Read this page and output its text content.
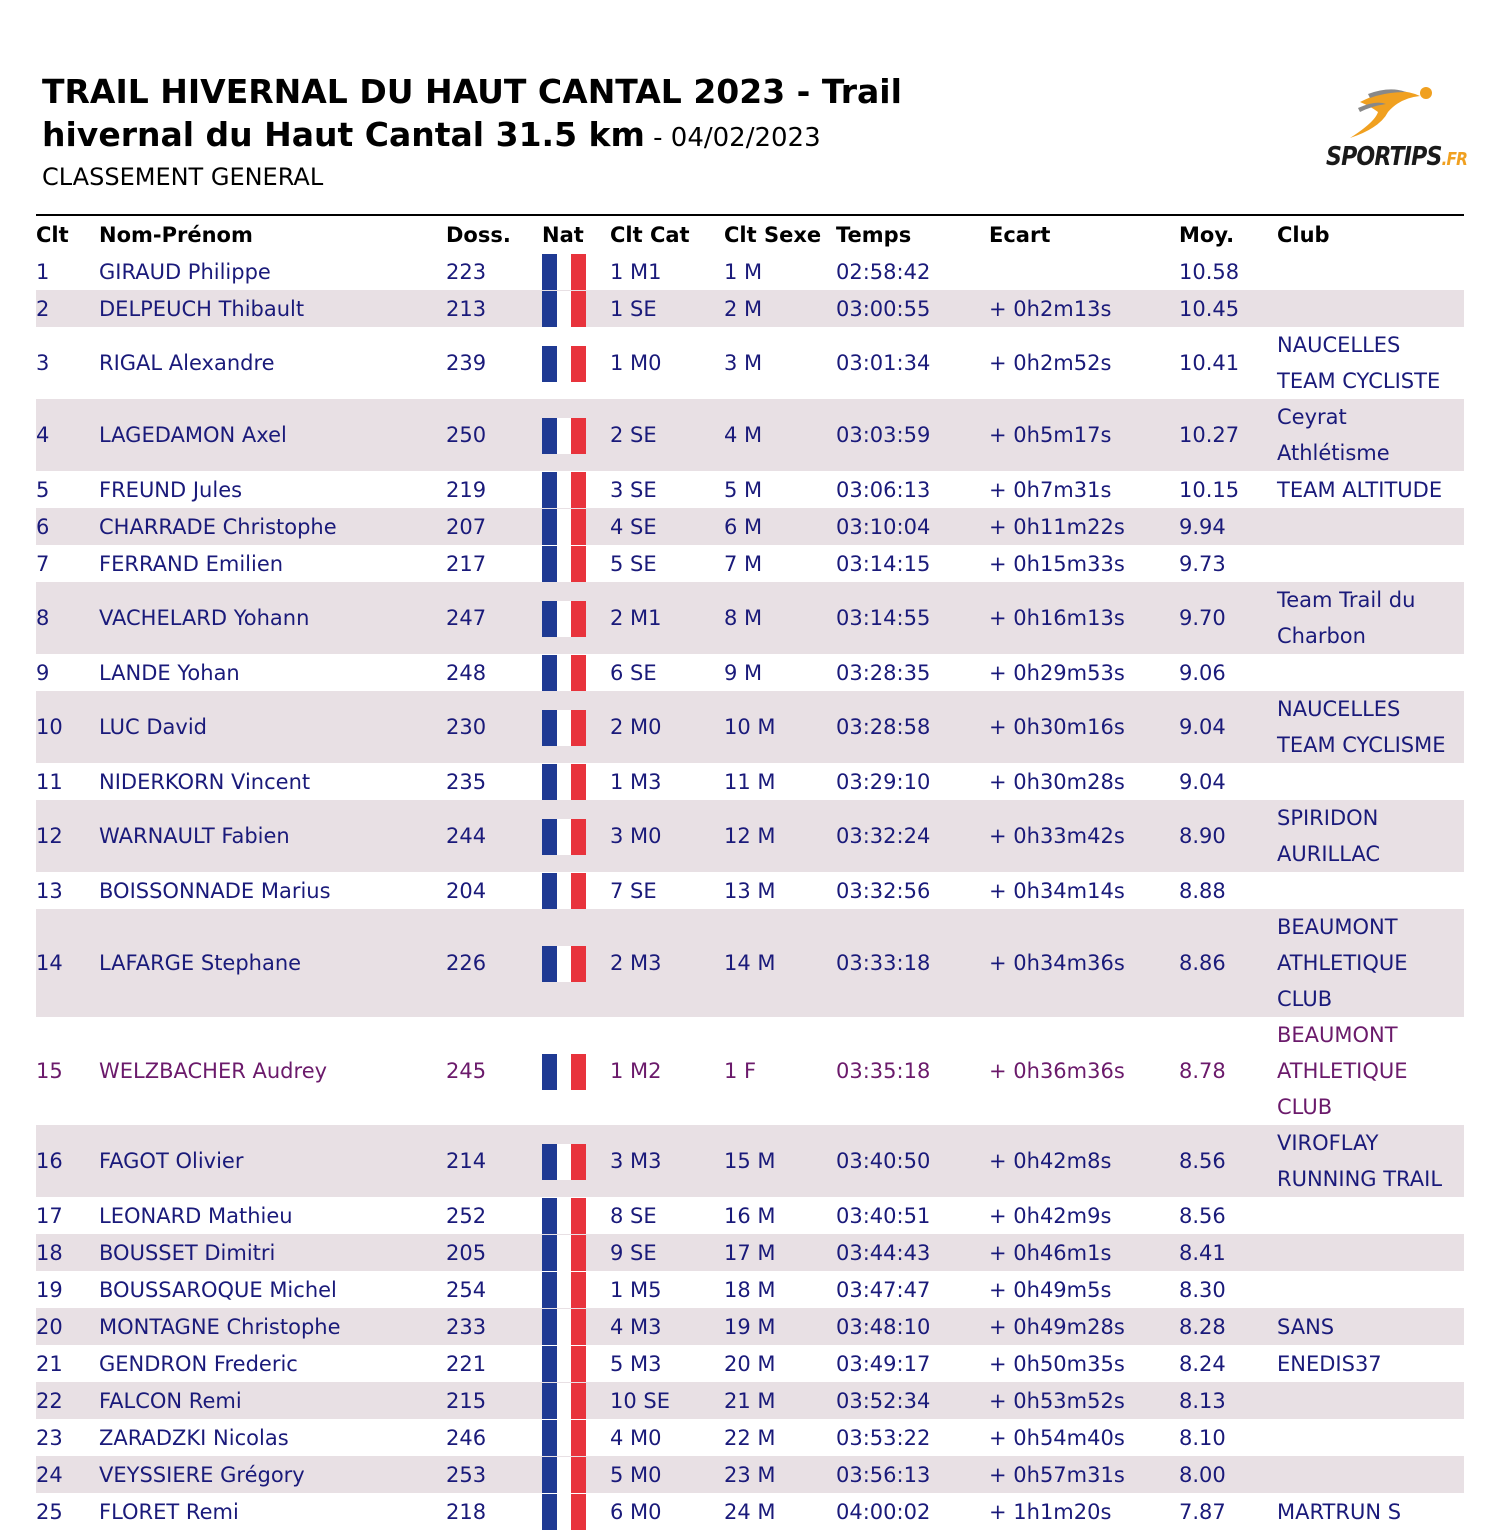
TRAIL HIVERNAL DU HAUT CANTAL 2023 - Trail hivernal du Haut Cantal 31.5 km - 04/02/2023
CLASSEMENT GENERAL
SPORTIPS.FR
Clt	Nom-Prénom	Doss.	Nat	Clt Cat	Clt Sexe	Temps	Ecart	Moy.	Club
1	GIRAUD Philippe	223		1 M1	1 M	02:58:42		10.58	
2	DELPEUCH Thibault	213		1 SE	2 M	03:00:55	+ 0h2m13s	10.45	
3	RIGAL Alexandre	239		1 M0	3 M	03:01:34	+ 0h2m52s	10.41	NAUCELLES TEAM CYCLISTE
4	LAGEDAMON Axel	250		2 SE	4 M	03:03:59	+ 0h5m17s	10.27	Ceyrat Athlétisme
5	FREUND Jules	219		3 SE	5 M	03:06:13	+ 0h7m31s	10.15	TEAM ALTITUDE
6	CHARRADE Christophe	207		4 SE	6 M	03:10:04	+ 0h11m22s	9.94	
7	FERRAND Emilien	217		5 SE	7 M	03:14:15	+ 0h15m33s	9.73	
8	VACHELARD Yohann	247		2 M1	8 M	03:14:55	+ 0h16m13s	9.70	Team Trail du Charbon
9	LANDE Yohan	248		6 SE	9 M	03:28:35	+ 0h29m53s	9.06	
10	LUC David	230		2 M0	10 M	03:28:58	+ 0h30m16s	9.04	NAUCELLES TEAM CYCLISME
11	NIDERKORN Vincent	235		1 M3	11 M	03:29:10	+ 0h30m28s	9.04	
12	WARNAULT Fabien	244		3 M0	12 M	03:32:24	+ 0h33m42s	8.90	SPIRIDON AURILLAC
13	BOISSONNADE Marius	204		7 SE	13 M	03:32:56	+ 0h34m14s	8.88	
14	LAFARGE Stephane	226		2 M3	14 M	03:33:18	+ 0h34m36s	8.86	BEAUMONT ATHLETIQUE CLUB
15	WELZBACHER Audrey	245		1 M2	1 F	03:35:18	+ 0h36m36s	8.78	BEAUMONT ATHLETIQUE CLUB
16	FAGOT Olivier	214		3 M3	15 M	03:40:50	+ 0h42m8s	8.56	VIROFLAY RUNNING TRAIL
17	LEONARD Mathieu	252		8 SE	16 M	03:40:51	+ 0h42m9s	8.56	
18	BOUSSET Dimitri	205		9 SE	17 M	03:44:43	+ 0h46m1s	8.41	
19	BOUSSAROQUE Michel	254		1 M5	18 M	03:47:47	+ 0h49m5s	8.30	
20	MONTAGNE Christophe	233		4 M3	19 M	03:48:10	+ 0h49m28s	8.28	SANS
21	GENDRON Frederic	221		5 M3	20 M	03:49:17	+ 0h50m35s	8.24	ENEDIS37
22	FALCON Remi	215		10 SE	21 M	03:52:34	+ 0h53m52s	8.13	
23	ZARADZKI Nicolas	246		4 M0	22 M	03:53:22	+ 0h54m40s	8.10	
24	VEYSSIERE Grégory	253		5 M0	23 M	03:56:13	+ 0h57m31s	8.00	
25	FLORET Remi	218		6 M0	24 M	04:00:02	+ 1h1m20s	7.87	MARTRUN S
